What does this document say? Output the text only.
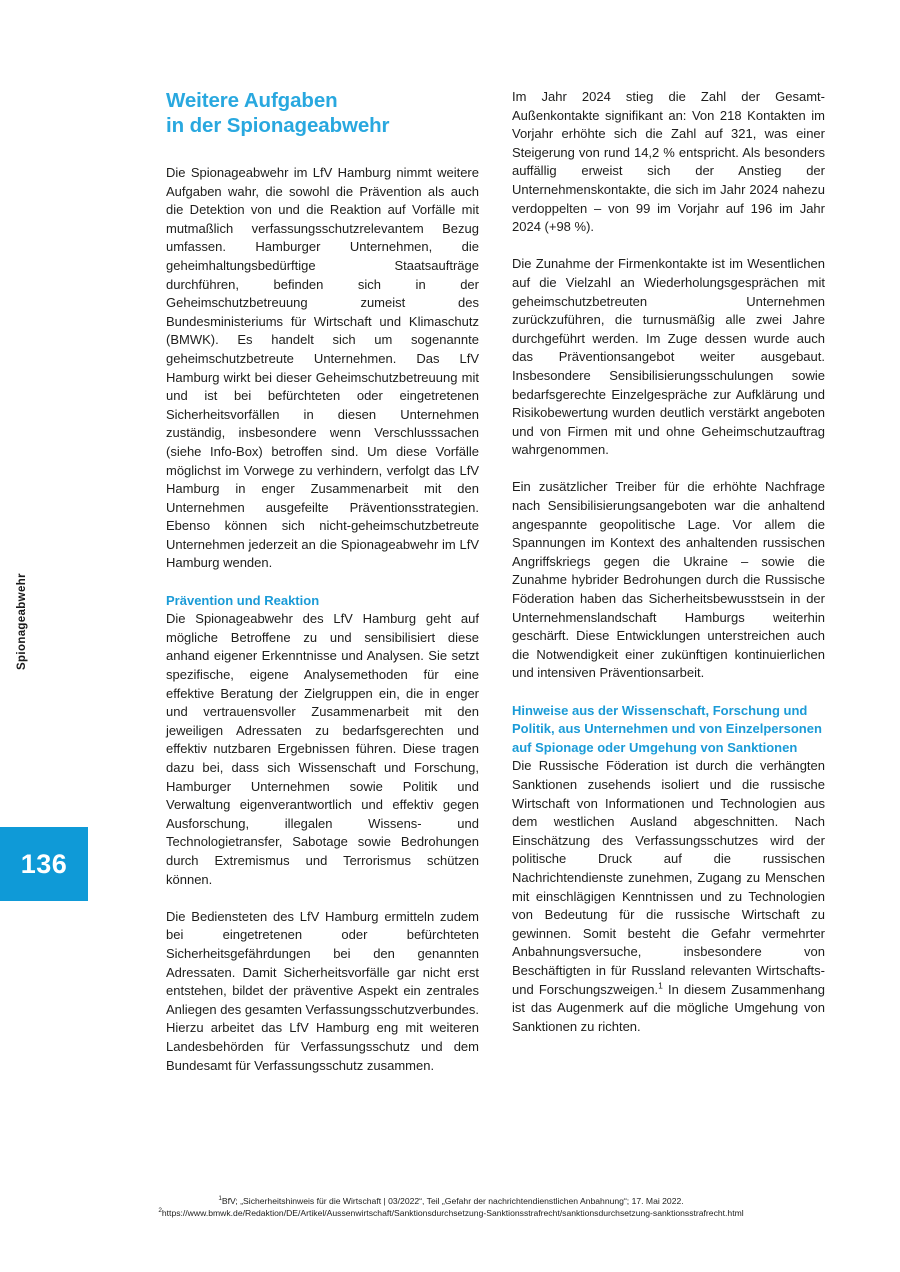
Spionageabwehr
136
Weitere Aufgaben
in der Spionageabwehr

Die Spionageabwehr im LfV Hamburg nimmt weitere Aufgaben wahr, die sowohl die Prävention als auch die Detektion von und die Reaktion auf Vorfälle mit mutmaßlich verfassungsschutzrelevantem Bezug umfassen. Hamburger Unternehmen, die geheimhaltungsbedürftige Staatsaufträge durchführen, befinden sich in der Geheimschutzbetreuung zumeist des Bundesministeriums für Wirtschaft und Klimaschutz (BMWK). Es handelt sich um sogenannte geheimschutzbetreute Unternehmen. Das LfV Hamburg wirkt bei dieser Geheimschutzbetreuung mit und ist bei befürchteten oder eingetretenen Sicherheitsvorfällen in diesen Unternehmen zuständig, insbesondere wenn Verschlusssachen (siehe Info-Box) betroffen sind. Um diese Vorfälle möglichst im Vorwege zu verhindern, verfolgt das LfV Hamburg in enger Zusammenarbeit mit den Unternehmen ausgefeilte Präventionsstrategien. Ebenso können sich nicht-geheimschutzbetreute Unternehmen jederzeit an die Spionageabwehr im LfV Hamburg wenden.

Prävention und Reaktion

Die Spionageabwehr des LfV Hamburg geht auf mögliche Betroffene zu und sensibilisiert diese anhand eigener Erkenntnisse und Analysen. Sie setzt spezifische, eigene Analysemethoden für eine effektive Beratung der Zielgruppen ein, die in enger und vertrauensvoller Zusammenarbeit mit den jeweiligen Adressaten zu bedarfsgerechten und effektiv nutzbaren Ergebnissen führen. Diese tragen dazu bei, dass sich Wissenschaft und Forschung, Hamburger Unternehmen sowie Politik und Verwaltung eigenverantwortlich und effektiv gegen Ausforschung, illegalen Wissens- und Technologietransfer, Sabotage sowie Bedrohungen durch Extremismus und Terrorismus schützen können.

Die Bediensteten des LfV Hamburg ermitteln zudem bei eingetretenen oder befürchteten Sicherheitsgefährdungen bei den genannten Adressaten. Damit Sicherheitsvorfälle gar nicht erst entstehen, bildet der präventive Aspekt ein zentrales Anliegen des gesamten Verfassungsschutzverbundes. Hierzu arbeitet das LfV Hamburg eng mit weiteren Landesbehörden für Verfassungsschutz und dem Bundesamt für Verfassungsschutz zusammen.

Im Jahr 2024 stieg die Zahl der Gesamt-Außenkontakte signifikant an: Von 218 Kontakten im Vorjahr erhöhte sich die Zahl auf 321, was einer Steigerung von rund 14,2 % entspricht. Als besonders auffällig erweist sich der Anstieg der Unternehmenskontakte, die sich im Jahr 2024 nahezu verdoppelten – von 99 im Vorjahr auf 196 im Jahr 2024 (+98 %).

Die Zunahme der Firmenkontakte ist im Wesentlichen auf die Vielzahl an Wiederholungsgesprächen mit geheimschutzbetreuten Unternehmen zurückzuführen, die turnusmäßig alle zwei Jahre durchgeführt werden. Im Zuge dessen wurde auch das Präventionsangebot weiter ausgebaut. Insbesondere Sensibilisierungsschulungen sowie bedarfsgerechte Einzelgespräche zur Aufklärung und Risikobewertung wurden deutlich verstärkt angeboten und von Firmen mit und ohne Geheimschutzauftrag wahrgenommen.

Ein zusätzlicher Treiber für die erhöhte Nachfrage nach Sensibilisierungsangeboten war die anhaltend angespannte geopolitische Lage. Vor allem die Spannungen im Kontext des anhaltenden russischen Angriffskriegs gegen die Ukraine – sowie die Zunahme hybrider Bedrohungen durch die Russische Föderation haben das Sicherheitsbewusstsein in der Unternehmenslandschaft Hamburgs weiterhin geschärft. Diese Entwicklungen unterstreichen auch die Notwendigkeit einer zukünftigen kontinuierlichen und intensiven Präventionsarbeit.

Hinweise aus der Wissenschaft, Forschung und
Politik, aus Unternehmen und von Einzelpersonen
auf Spionage oder Umgehung von Sanktionen

Die Russische Föderation ist durch die verhängten Sanktionen zusehends isoliert und die russische Wirtschaft von Informationen und Technologien aus dem westlichen Ausland abgeschnitten. Nach Einschätzung des Verfassungsschutzes wird der politische Druck auf die russischen Nachrichtendienste zunehmen, Zugang zu Menschen mit einschlägigen Kenntnissen und zu Technologien von Bedeutung für die russische Wirtschaft zu gewinnen. Somit besteht die Gefahr vermehrter Anbahnungsversuche, insbesondere von Beschäftigten in für Russland relevanten Wirtschafts- und Forschungszweigen.$^1$ In diesem Zusammenhang ist das Augenmerk auf die mögliche Umgehung von Sanktionen zu richten.

$^1$BfV; „Sicherheitshinweis für die Wirtschaft | 03/2022“, Teil „Gefahr der nachrichtendienstlichen Anbahnung“; 17. Mai 2022.
$^2$https://www.bmwk.de/Redaktion/DE/Artikel/Aussenwirtschaft/Sanktionsdurchsetzung-Sanktionsstrafrecht/sanktionsdurchsetzung-sanktionsstrafrecht.html
